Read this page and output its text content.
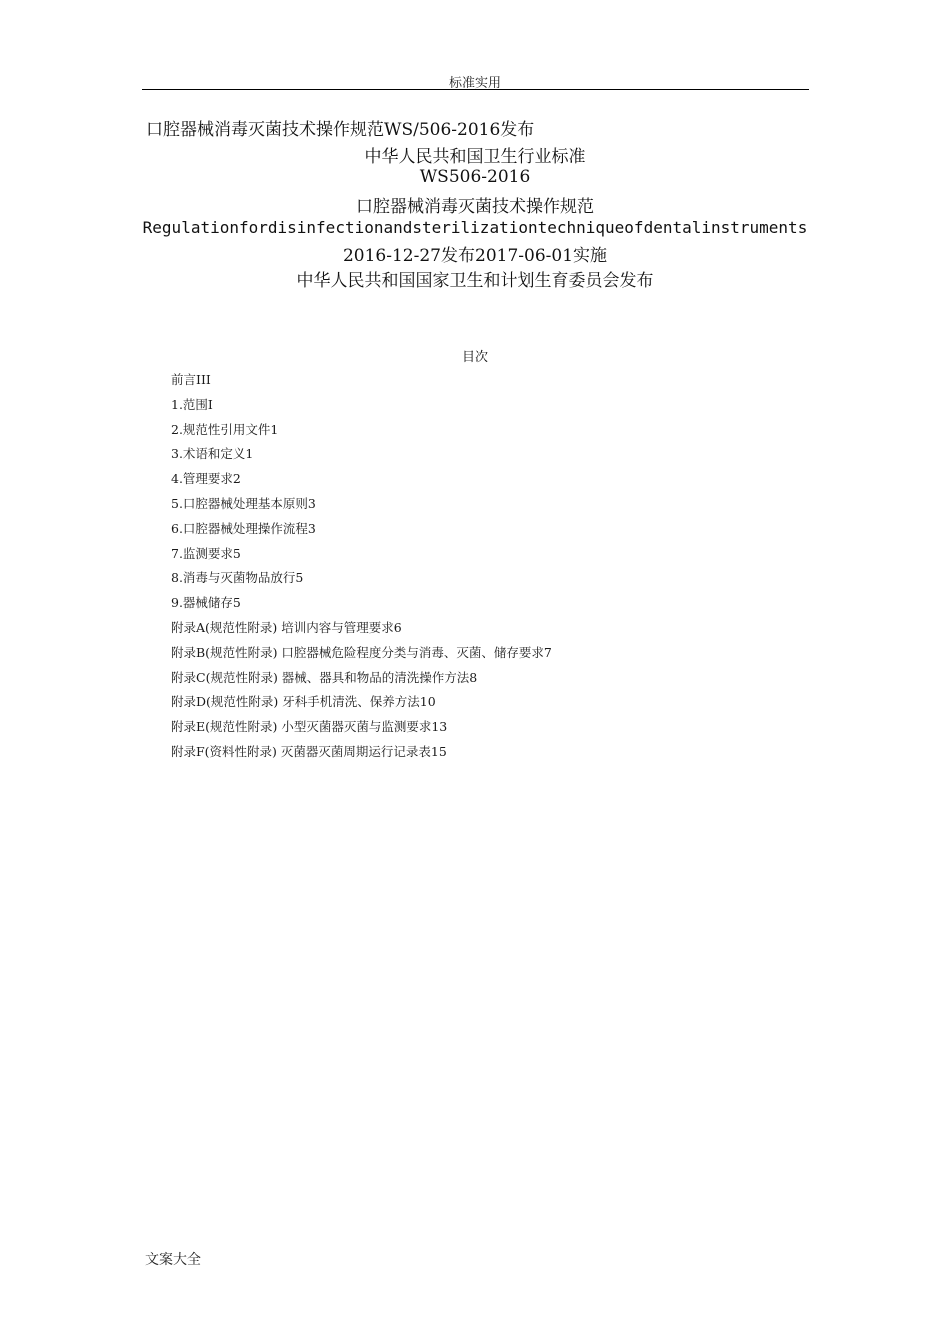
标准实用
口腔器械消毒灭菌技术操作规范WS/506-2016发布
中华人民共和国卫生行业标准
WS506-2016
口腔器械消毒灭菌技术操作规范
Regulationfordisinfectionandsterilizationtechniqueofdentalinstruments
2016-12-27发布2017-06-01实施
中华人民共和国国家卫生和计划生育委员会发布
目次
前言III
1.范围I
2.规范性引用文件1
3.术语和定义1
4.管理要求2
5.口腔器械处理基本原则3
6.口腔器械处理操作流程3
7.监测要求5
8.消毒与灭菌物品放行5
9.器械储存5
附录A(规范性附录) 培训内容与管理要求6
附录B(规范性附录) 口腔器械危险程度分类与消毒、灭菌、储存要求7
附录C(规范性附录) 器械、器具和物品的清洗操作方法8
附录D(规范性附录) 牙科手机清洗、保养方法10
附录E(规范性附录) 小型灭菌器灭菌与监测要求13
附录F(资料性附录) 灭菌器灭菌周期运行记录表15
文案大全
